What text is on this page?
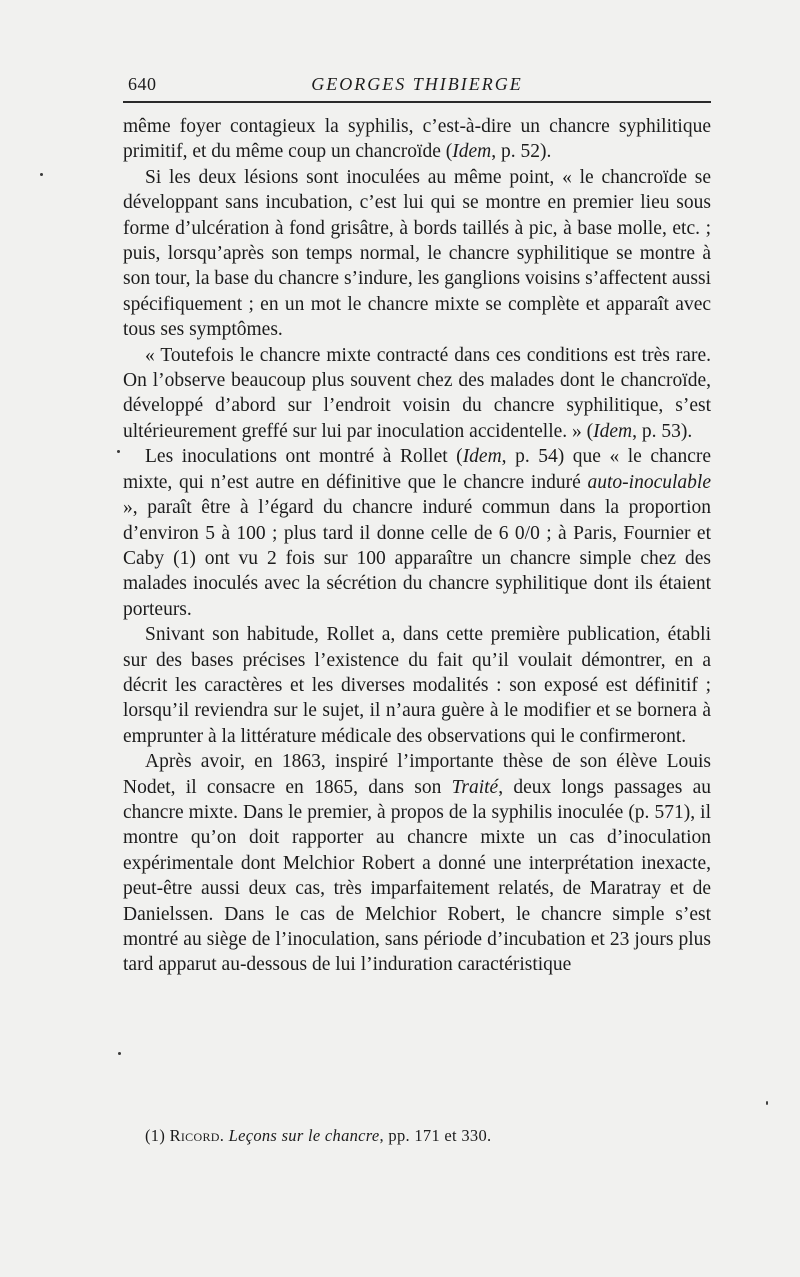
640	GEORGES THIBIERGE

même foyer contagieux la syphilis, c’est-à-dire un chancre syphilitique primitif, et du même coup un chancroïde (Idem, p. 52).

Si les deux lésions sont inoculées au même point, « le chancroïde se développant sans incubation, c’est lui qui se montre en premier lieu sous forme d’ulcération à fond grisâtre, à bords taillés à pic, à base molle, etc. ; puis, lorsqu’après son temps normal, le chancre syphilitique se montre à son tour, la base du chancre s’indure, les ganglions voisins s’affectent aussi spécifiquement ; en un mot le chancre mixte se complète et apparaît avec tous ses symptômes.

« Toutefois le chancre mixte contracté dans ces conditions est très rare. On l’observe beaucoup plus souvent chez des malades dont le chancroïde, développé d’abord sur l’endroit voisin du chancre syphilitique, s’est ultérieurement greffé sur lui par inoculation accidentelle. » (Idem, p. 53).

Les inoculations ont montré à Rollet (Idem, p. 54) que « le chancre mixte, qui n’est autre en définitive que le chancre induré auto-inoculable », paraît être à l’égard du chancre induré commun dans la proportion d’environ 5 à 100 ; plus tard il donne celle de 6 0/0 ; à Paris, Fournier et Caby (1) ont vu 2 fois sur 100 apparaître un chancre simple chez des malades inoculés avec la sécrétion du chancre syphilitique dont ils étaient porteurs.

Snivant son habitude, Rollet a, dans cette première publication, établi sur des bases précises l’existence du fait qu’il voulait démontrer, en a décrit les caractères et les diverses modalités : son exposé est définitif ; lorsqu’il reviendra sur le sujet, il n’aura guère à le modifier et se bornera à emprunter à la littérature médicale des observations qui le confirmeront.

Après avoir, en 1863, inspiré l’importante thèse de son élève Louis Nodet, il consacre en 1865, dans son Traité, deux longs passages au chancre mixte. Dans le premier, à propos de la syphilis inoculée (p. 571), il montre qu’on doit rapporter au chancre mixte un cas d’inoculation expérimentale dont Melchior Robert a donné une interprétation inexacte, peut-être aussi deux cas, très imparfaitement relatés, de Maratray et de Danielssen. Dans le cas de Melchior Robert, le chancre simple s’est montré au siège de l’inoculation, sans période d’incubation et 23 jours plus tard apparut au-dessous de lui l’induration caractéristique

(1) Ricord. Leçons sur le chancre, pp. 171 et 330.
